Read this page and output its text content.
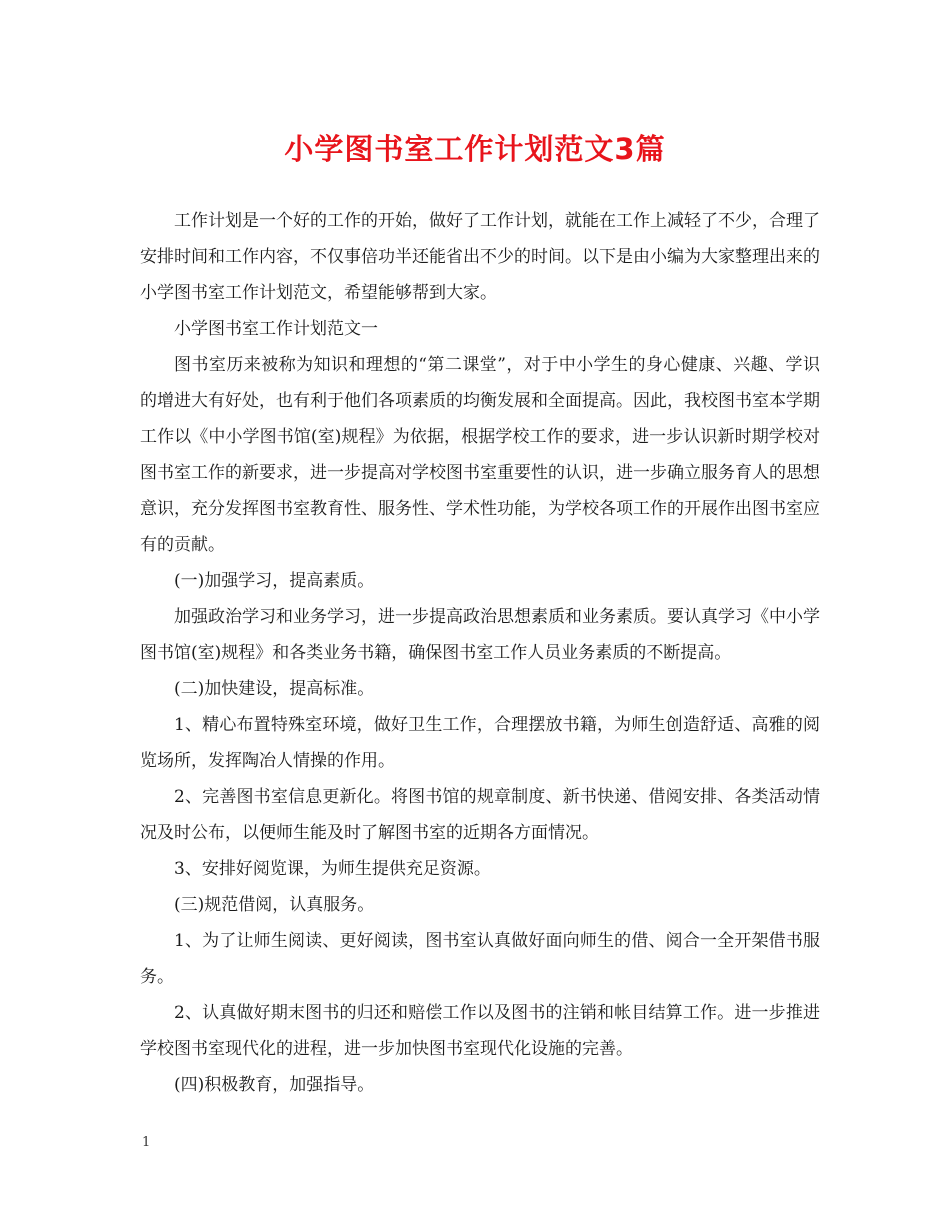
小学图书室工作计划范文3篇

工作计划是一个好的工作的开始，做好了工作计划，就能在工作上减轻了不少，合理了安排时间和工作内容，不仅事倍功半还能省出不少的时间。以下是由小编为大家整理出来的小学图书室工作计划范文，希望能够帮到大家。

小学图书室工作计划范文一

图书室历来被称为知识和理想的“第二课堂”，对于中小学生的身心健康、兴趣、学识的增进大有好处，也有利于他们各项素质的均衡发展和全面提高。因此，我校图书室本学期工作以《中小学图书馆(室)规程》为依据，根据学校工作的要求，进一步认识新时期学校对图书室工作的新要求，进一步提高对学校图书室重要性的认识，进一步确立服务育人的思想意识，充分发挥图书室教育性、服务性、学术性功能，为学校各项工作的开展作出图书室应有的贡献。

(一)加强学习，提高素质。

加强政治学习和业务学习，进一步提高政治思想素质和业务素质。要认真学习《中小学图书馆(室)规程》和各类业务书籍，确保图书室工作人员业务素质的不断提高。

(二)加快建设，提高标准。

1、精心布置特殊室环境，做好卫生工作，合理摆放书籍，为师生创造舒适、高雅的阅览场所，发挥陶冶人情操的作用。

2、完善图书室信息更新化。将图书馆的规章制度、新书快递、借阅安排、各类活动情况及时公布，以便师生能及时了解图书室的近期各方面情况。

3、安排好阅览课，为师生提供充足资源。

(三)规范借阅，认真服务。

1、为了让师生阅读、更好阅读，图书室认真做好面向师生的借、阅合一全开架借书服务。

2、认真做好期末图书的归还和赔偿工作以及图书的注销和帐目结算工作。进一步推进学校图书室现代化的进程，进一步加快图书室现代化设施的完善。

(四)积极教育，加强指导。

1
